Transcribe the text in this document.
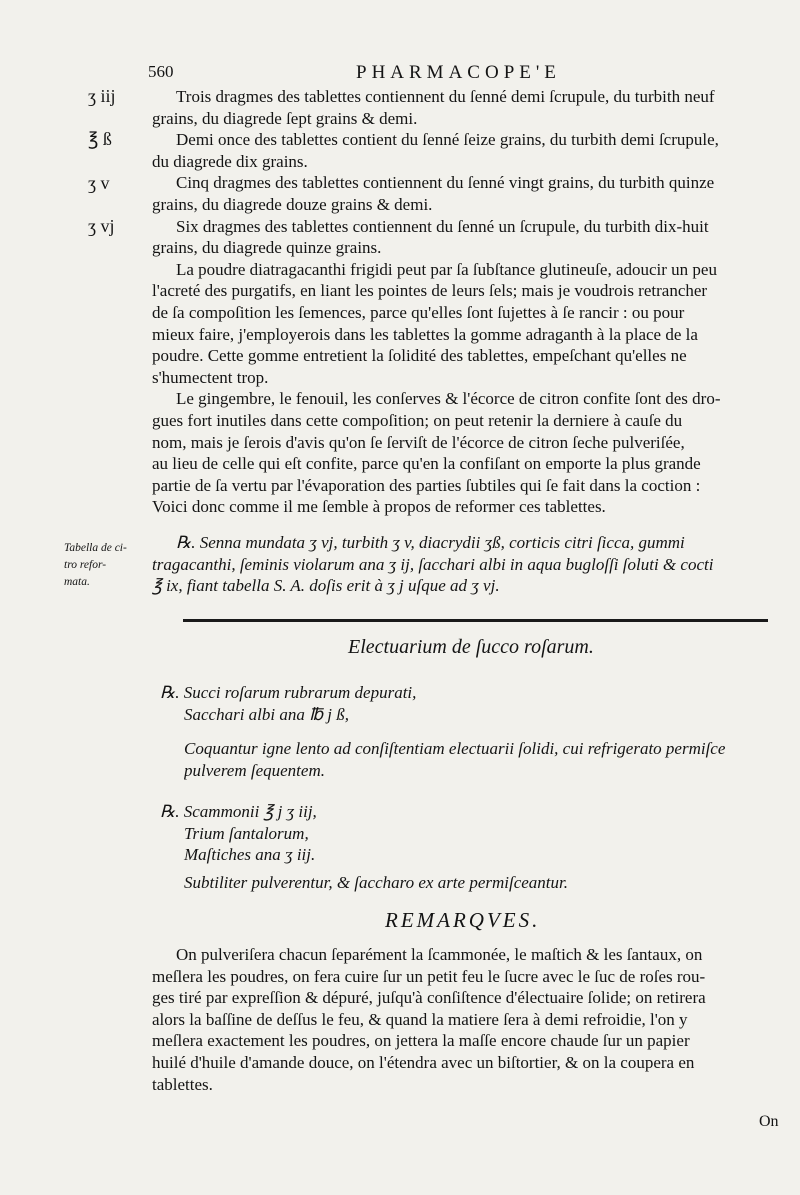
560	PHARMACOPE'E
ʒ iij
℥ ß
ʒ v
ʒ vj
Trois dragmes des tablettes contiennent du ſenné demi ſcrupule, du turbith neuf
grains, du diagrede ſept grains & demi.
Demi once des tablettes contient du ſenné ſeize grains, du turbith demi ſcrupule,
du diagrede dix grains.
Cinq dragmes des tablettes contiennent du ſenné vingt grains, du turbith quinze
grains, du diagrede douze grains & demi.
Six dragmes des tablettes contiennent du ſenné un ſcrupule, du turbith dix-huit
grains, du diagrede quinze grains.
La poudre diatragacanthi frigidi peut par ſa ſubſtance glutineuſe, adoucir un peu
l'acreté des purgatifs, en liant les pointes de leurs ſels; mais je voudrois retrancher
de ſa compoſition les ſemences, parce qu'elles ſont ſujettes à ſe rancir : ou pour
mieux faire, j'employerois dans les tablettes la gomme adraganth à la place de la
poudre. Cette gomme entretient la ſolidité des tablettes, empeſchant qu'elles ne
s'humectent trop.
Le gingembre, le fenouil, les conſerves & l'écorce de citron confite ſont des dro-
gues fort inutiles dans cette compoſition; on peut retenir la derniere à cauſe du
nom, mais je ſerois d'avis qu'on ſe ſerviſt de l'écorce de citron ſeche pulveriſée,
au lieu de celle qui eſt confite, parce qu'en la confiſant on emporte la plus grande
partie de ſa vertu par l'évaporation des parties ſubtiles qui ſe fait dans la coction :
Voici donc comme il me ſemble à propos de reformer ces tablettes.
Tabella de ci-
tro refor-
mata.
℞. Senna mundata ʒ vj, turbith ʒ v, diacrydii ʒß, corticis citri ſicca, gummi
tragacanthi, ſeminis violarum ana ʒ ij, ſacchari albi in aqua bugloſſi ſoluti & cocti
℥ ix, fiant tabella S. A. doſis erit à ʒ j uſque ad ʒ vj.
Electuarium de ſucco roſarum.
℞. Succi roſarum rubrarum depurati,
Sacchari albi ana ℔ j ß,
Coquantur igne lento ad conſiſtentiam electuarii ſolidi, cui refrigerato permiſce
pulverem ſequentem.
℞. Scammonii ℥ j ʒ iij,
Trium ſantalorum,
Maſtiches ana ʒ iij.
Subtiliter pulverentur, & ſaccharo ex arte permiſceantur.
REMARQVES.
On pulveriſera chacun ſeparément la ſcammonée, le maſtich & les ſantaux, on
meſlera les poudres, on fera cuire ſur un petit feu le ſucre avec le ſuc de roſes rou-
ges tiré par expreſſion & dépuré, juſqu'à conſiſtence d'électuaire ſolide; on retirera
alors la baſſine de deſſus le feu, & quand la matiere ſera à demi refroidie, l'on y
meſlera exactement les poudres, on jettera la maſſe encore chaude ſur un papier
huilé d'huile d'amande douce, on l'étendra avec un biſtortier, & on la coupera en
tablettes.
On
